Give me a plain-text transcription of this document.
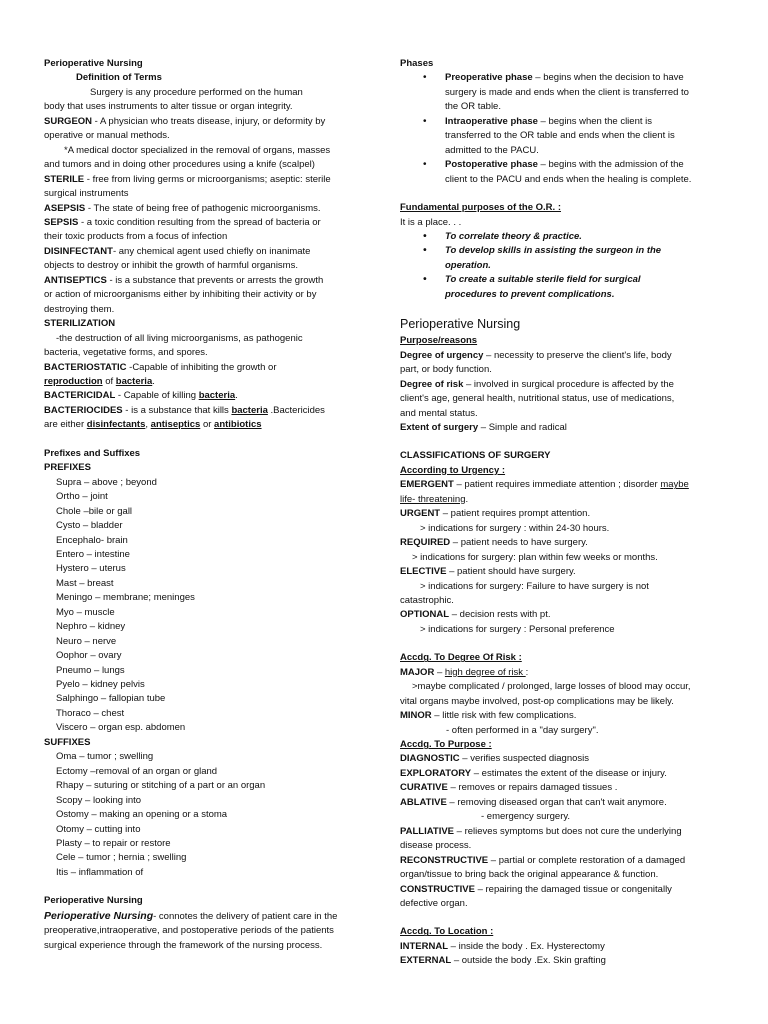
Perioperative Nursing

Definition of Terms

Surgery is any procedure performed on the human

body that uses instruments to alter tissue or organ integrity.

SURGEON - A physician who treats disease, injury, or deformity by

operative or manual methods.

*A medical doctor specialized in the removal of organs, masses

and tumors and in doing other procedures using a knife (scalpel)

STERILE - free from living germs or microorganisms; aseptic: sterile

surgical instruments

ASEPSIS - The state of being free of pathogenic microorganisms.

SEPSIS - a toxic condition resulting from the spread of bacteria or

their toxic products from a focus of infection

DISINFECTANT- any chemical agent used chiefly on inanimate

objects to destroy or inhibit the growth of harmful organisms.

ANTISEPTICS - is a substance that prevents or arrests the growth

or action of microorganisms either by inhibiting their activity or by

destroying them.

STERILIZATION

-the destruction of all living microorganisms, as pathogenic

bacteria, vegetative forms, and spores.

BACTERIOSTATIC -Capable of inhibiting the growth or

reproduction of bacteria.

BACTERICIDAL - Capable of killing bacteria.

BACTERIOCIDES - is a substance that kills bacteria .Bactericides

are either disinfectants, antiseptics or antibiotics

Prefixes and Suffixes

PREFIXES

Supra – above ; beyond

Ortho – joint

Chole –bile or gall

Cysto – bladder

Encephalo- brain

Entero – intestine

Hystero – uterus

Mast – breast

Meningo – membrane; meninges

Myo – muscle

Nephro – kidney

Neuro – nerve

Oophor – ovary

Pneumo – lungs

Pyelo – kidney pelvis

Salphingo – fallopian tube

Thoraco – chest

Viscero – organ esp. abdomen

SUFFIXES

Oma – tumor ; swelling

Ectomy –removal of an organ or gland

Rhapy – suturing or stitching of a part or an organ

Scopy – looking into

Ostomy – making an opening or a stoma

Otomy – cutting into

Plasty – to repair or restore

Cele – tumor ; hernia ; swelling

Itis – inflammation of

Perioperative Nursing

Perioperative Nursing- connotes the delivery of patient care in the

preoperative,intraoperative, and postoperative periods of the patients

surgical experience through the framework of the nursing process.

Phases

• Preoperative phase – begins when the decision to have
surgery is made and ends when the client is transferred to
the OR table.
• Intraoperative phase – begins when the client is
transferred to the OR table and ends when the client is
admitted to the PACU.
• Postoperative phase – begins with the admission of the
client to the PACU and ends when the healing is complete.

Fundamental purposes of the O.R. :

It is a place. . .

• To correlate theory & practice.
• To develop skills in assisting the surgeon in the
operation.
• To create a suitable sterile field for surgical
procedures to prevent complications.

Perioperative Nursing

Purpose/reasons

Degree of urgency – necessity to preserve the client's life, body

part, or body function.

Degree of risk – involved in surgical procedure is affected by the

client's age, general health, nutritional status, use of medications,

and mental status.

Extent of surgery – Simple and radical

CLASSIFICATIONS OF SURGERY

According to Urgency :

EMERGENT – patient requires immediate attention ; disorder maybe

life- threatening.

URGENT – patient requires prompt attention.

> indications for surgery : within 24-30 hours.

REQUIRED – patient needs to have surgery.

> indications for surgery: plan within few weeks or months.

ELECTIVE – patient should have surgery.

> indications for surgery: Failure to have surgery is not

catastrophic.

OPTIONAL – decision rests with pt.

> indications for surgery : Personal preference

Accdg. To Degree Of Risk :

MAJOR – high degree of risk :

>maybe complicated / prolonged, large losses of blood may occur,

vital organs maybe involved, post-op complications may be likely.

MINOR – little risk with few complications.

- often performed in a "day surgery".

Accdg. To Purpose :

DIAGNOSTIC – verifies suspected diagnosis

EXPLORATORY – estimates the extent of the disease or injury.

CURATIVE – removes or repairs damaged tissues .

ABLATIVE – removing diseased organ that can't wait anymore.

- emergency surgery.

PALLIATIVE – relieves symptoms but does not cure the underlying

disease process.

RECONSTRUCTIVE – partial or complete restoration of a damaged

organ/tissue to bring back the original appearance & function.

CONSTRUCTIVE – repairing the damaged tissue or congenitally

defective organ.

Accdg. To Location :

INTERNAL – inside the body . Ex. Hysterectomy

EXTERNAL – outside the body .Ex. Skin grafting
